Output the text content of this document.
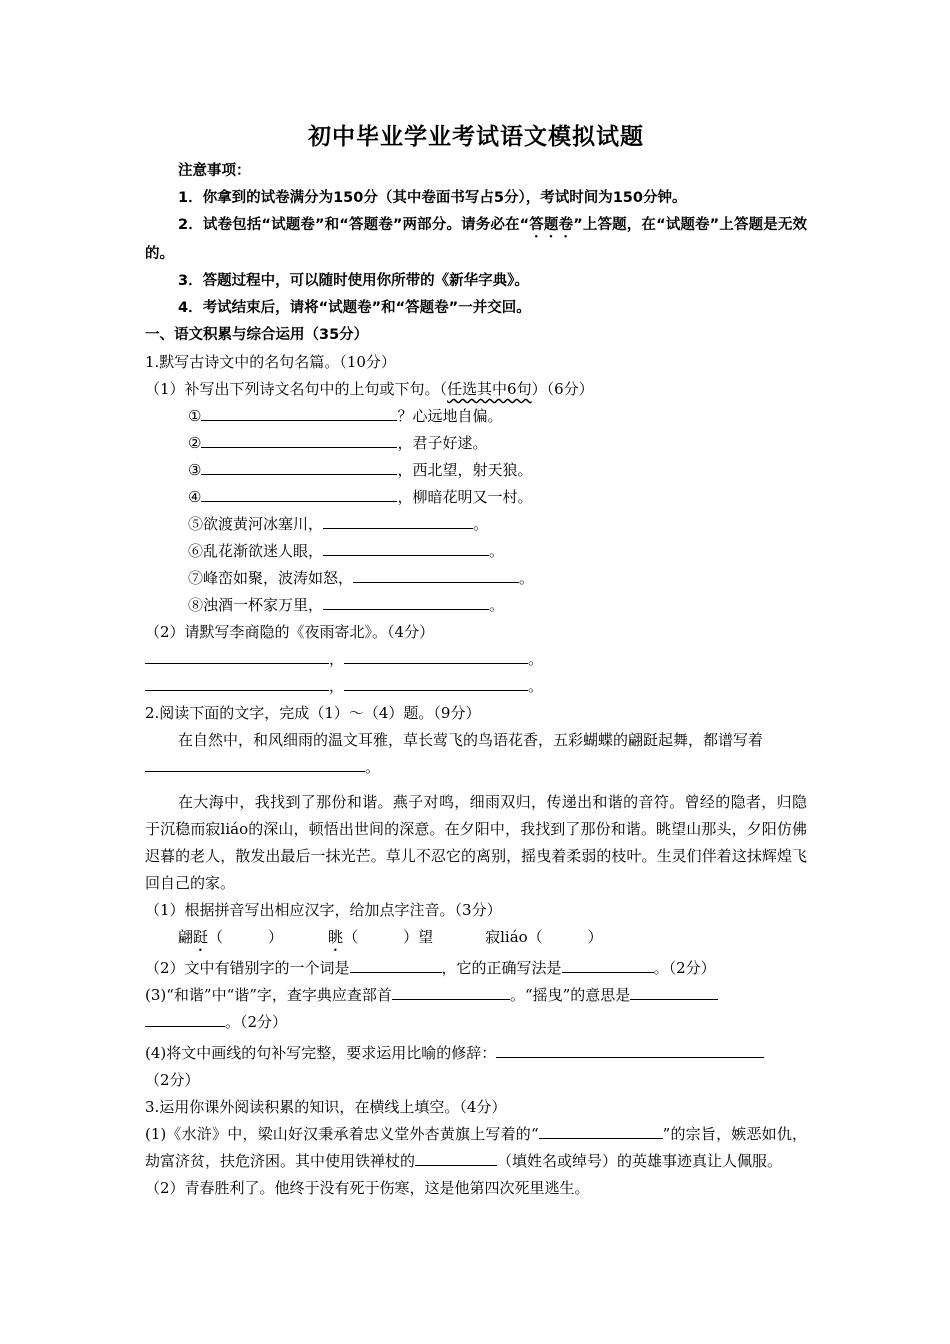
初中毕业学业考试语文模拟试题
注意事项：
1．你拿到的试卷满分为150分（其中卷面书写占5分），考试时间为150分钟。
2．试卷包括“试题卷”和“答题卷”两部分。请务必在“答题卷”上答题，在“试题卷”上答题是无效的。
3．答题过程中，可以随时使用你所带的《新华字典》。
4．考试结束后，请将“试题卷”和“答题卷”一并交回。
一、语文积累与综合运用（35分）
1.默写古诗文中的名句名篇。（10分）
（1）补写出下列诗文名句中的上句或下句。（任选其中6句）（6分）
①	？心远地自偏。
②	，君子好逑。
③	，西北望，射天狼。
④	，柳暗花明又一村。
⑤欲渡黄河冰塞川，	。
⑥乱花渐欲迷人眼，	。
⑦峰峦如聚，波涛如怒，	。
⑧浊酒一杯家万里，	。
（2）请默写李商隐的《夜雨寄北》。（4分）
，	。
，	。
2.阅读下面的文字，完成（1）～（4）题。（9分）
在自然中，和风细雨的温文耳雅，草长莺飞的鸟语花香，五彩蝴蝶的翩跹起舞，都谱写着
。
在大海中，我找到了那份和谐。燕子对鸣，细雨双归，传递出和谐的音符。曾经的隐者，归隐于沉稳而寂liáo的深山，顿悟出世间的深意。在夕阳中，我找到了那份和谐。眺望山那头，夕阳仿佛迟暮的老人，散发出最后一抹光芒。草儿不忍它的离别，摇曳着柔弱的枝叶。生灵们伴着这抹辉煌飞回自己的家。
（1）根据拼音写出相应汉字，给加点字注音。（3分）
翩跹（　　　）	眺（　　　）望	寂liáo（　　　）
（2）文中有错别字的一个词是	，它的正确写法是	。（2分）
(3)“和谐”中“谐”字，查字典应查部首	。“摇曳”的意思是
。（2分）
(4)将文中画线的句补写完整，要求运用比喻的修辞：
（2分）
3.运用你课外阅读积累的知识，在横线上填空。（4分）
(1)《水浒》中，梁山好汉秉承着忠义堂外杏黄旗上写着的“	”的宗旨，嫉恶如仇，劫富济贫，扶危济困。其中使用铁禅杖的	（填姓名或绰号）的英雄事迹真让人佩服。
（2）青春胜利了。他终于没有死于伤寒，这是他第四次死里逃生。
